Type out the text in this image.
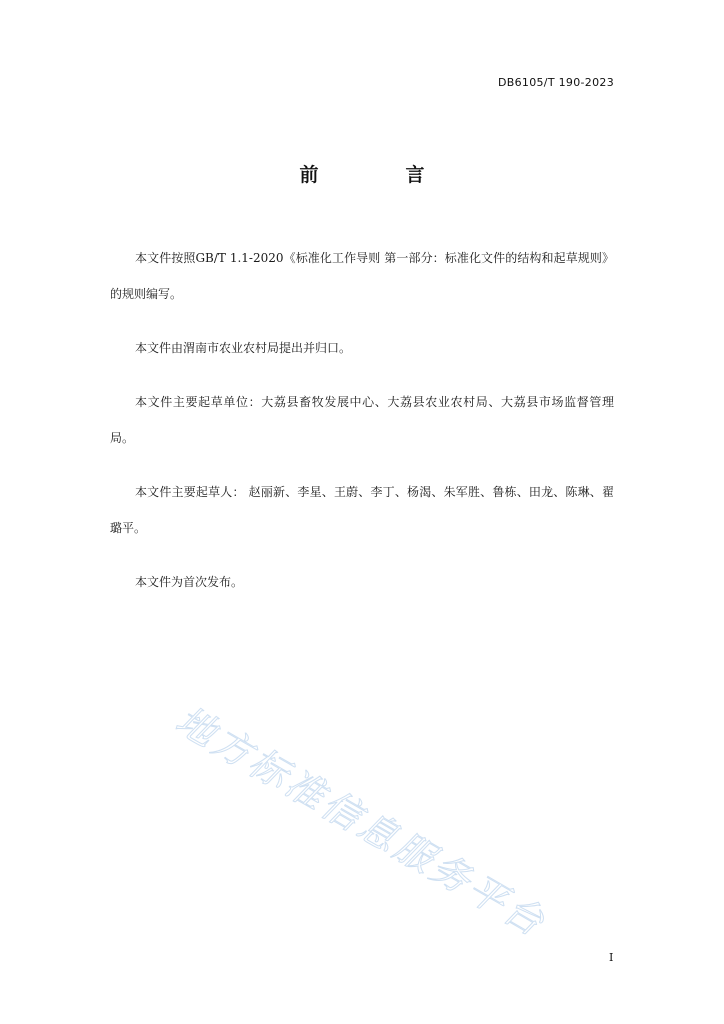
DB6105/T 190-2023
前　言

本文件按照GB/T 1.1-2020《标准化工作导则 第一部分：标准化文件的结构和起草规则》的规则编写。

本文件由渭南市农业农村局提出并归口。

本文件主要起草单位：大荔县畜牧发展中心、大荔县农业农村局、大荔县市场监督管理局。

本文件主要起草人： 赵丽新、李星、王蔚、李丁、杨渴、朱军胜、鲁栋、田龙、陈琳、翟璐平。

本文件为首次发布。

地方标准信息服务平台
I
